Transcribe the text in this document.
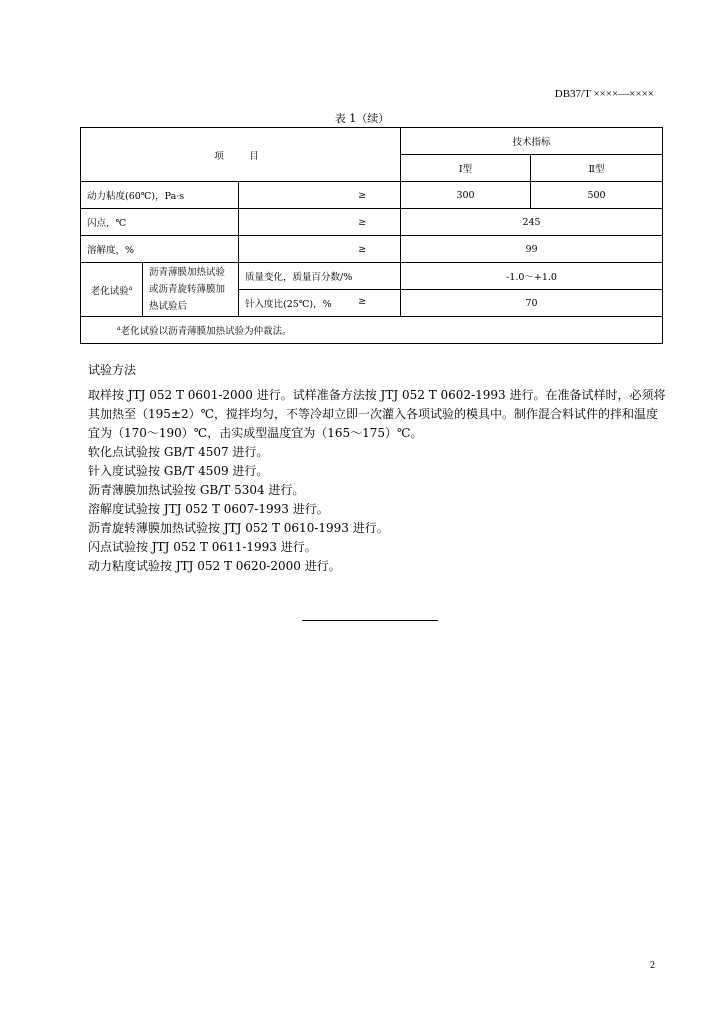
DB37/T ××××—××××
表 1（续）
项　目			技术指标	
			Ⅰ型	Ⅱ型
动力粘度(60℃)，Pa·s		≥	300	500
闪点，℃		≥	245	
溶解度，%		≥	99	
老化试验$^a$	沥青薄膜加热试验或沥青旋转薄膜加热试验后	质量变化，质量百分数/%	-1.0～+1.0	
		针入度比(25℃)，% ≥	70	
$^a$老化试验以沥青薄膜加热试验为仲裁法。				
试验方法

取样按 JTJ 052 T 0601-2000 进行。试样准备方法按 JTJ 052 T 0602-1993 进行。在准备试样时，必须将其加热至（195±2）℃，搅拌均匀，不等冷却立即一次灌入各项试验的模具中。制作混合料试件的拌和温度宜为（170～190）℃，击实成型温度宜为（165～175）℃。

软化点试验按 GB/T 4507 进行。

针入度试验按 GB/T 4509 进行。

沥青薄膜加热试验按 GB/T 5304 进行。

溶解度试验按 JTJ 052 T 0607-1993 进行。

沥青旋转薄膜加热试验按 JTJ 052 T 0610-1993 进行。

闪点试验按 JTJ 052 T 0611-1993 进行。

动力粘度试验按 JTJ 052 T 0620-2000 进行。

2
